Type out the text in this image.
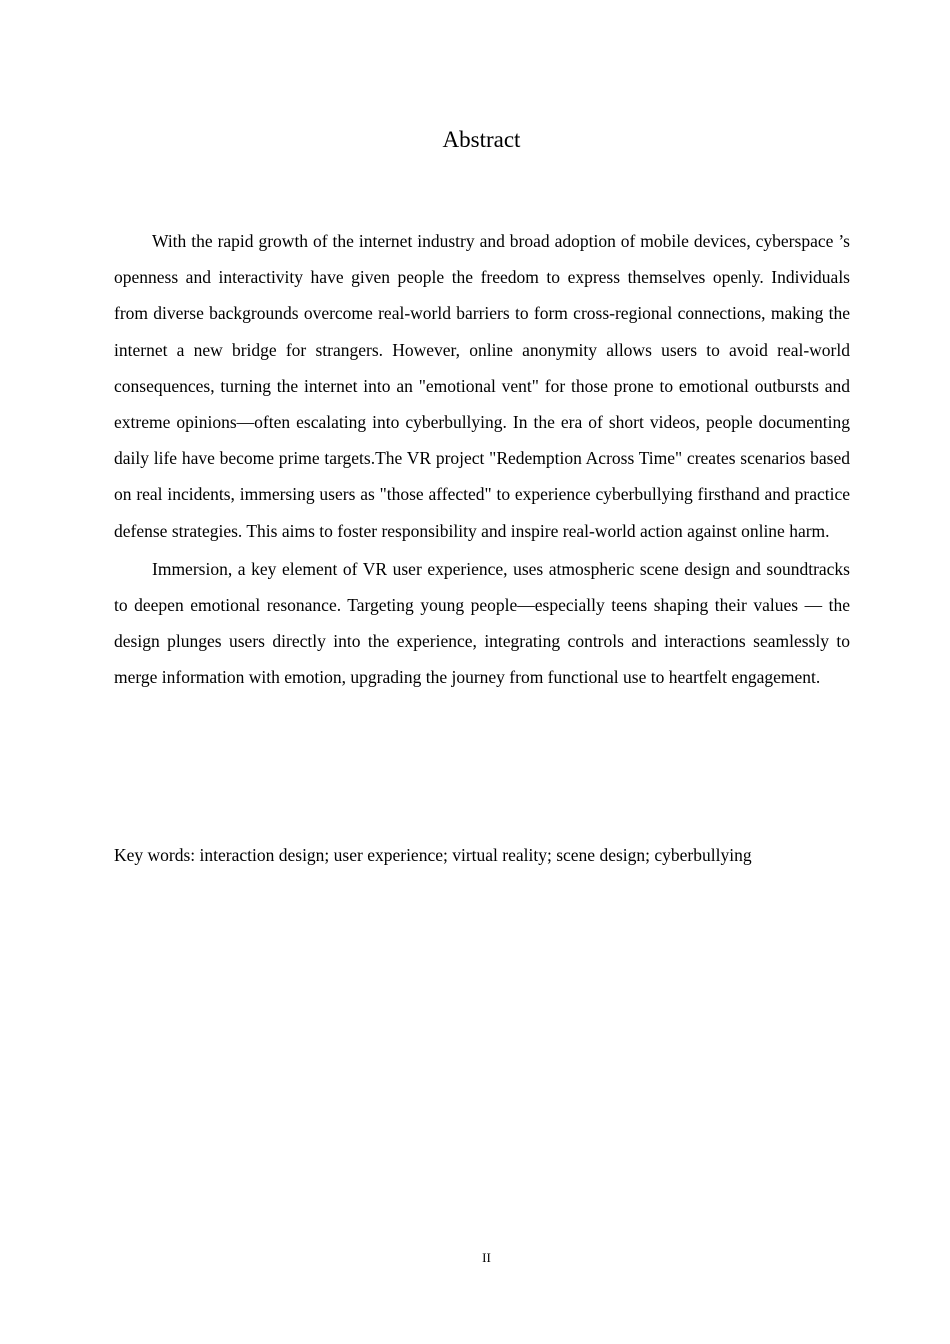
Abstract

With the rapid growth of the internet industry and broad adoption of mobile devices, cyberspace ’s openness and interactivity have given people the freedom to express themselves openly. Individuals from diverse backgrounds overcome real-world barriers to form cross-regional connections, making the internet a new bridge for strangers. However, online anonymity allows users to avoid real-world consequences, turning the internet into an "emotional vent" for those prone to emotional outbursts and extreme opinions—often escalating into cyberbullying. In the era of short videos, people documenting daily life have become prime targets.The VR project "Redemption Across Time" creates scenarios based on real incidents, immersing users as "those affected" to experience cyberbullying firsthand and practice defense strategies. This aims to foster responsibility and inspire real-world action against online harm.

Immersion, a key element of VR user experience, uses atmospheric scene design and soundtracks to deepen emotional resonance. Targeting young people—especially teens shaping their values — the design plunges users directly into the experience, integrating controls and interactions seamlessly to merge information with emotion, upgrading the journey from functional use to heartfelt engagement.

Key words: interaction design; user experience; virtual reality; scene design; cyberbullying
II
